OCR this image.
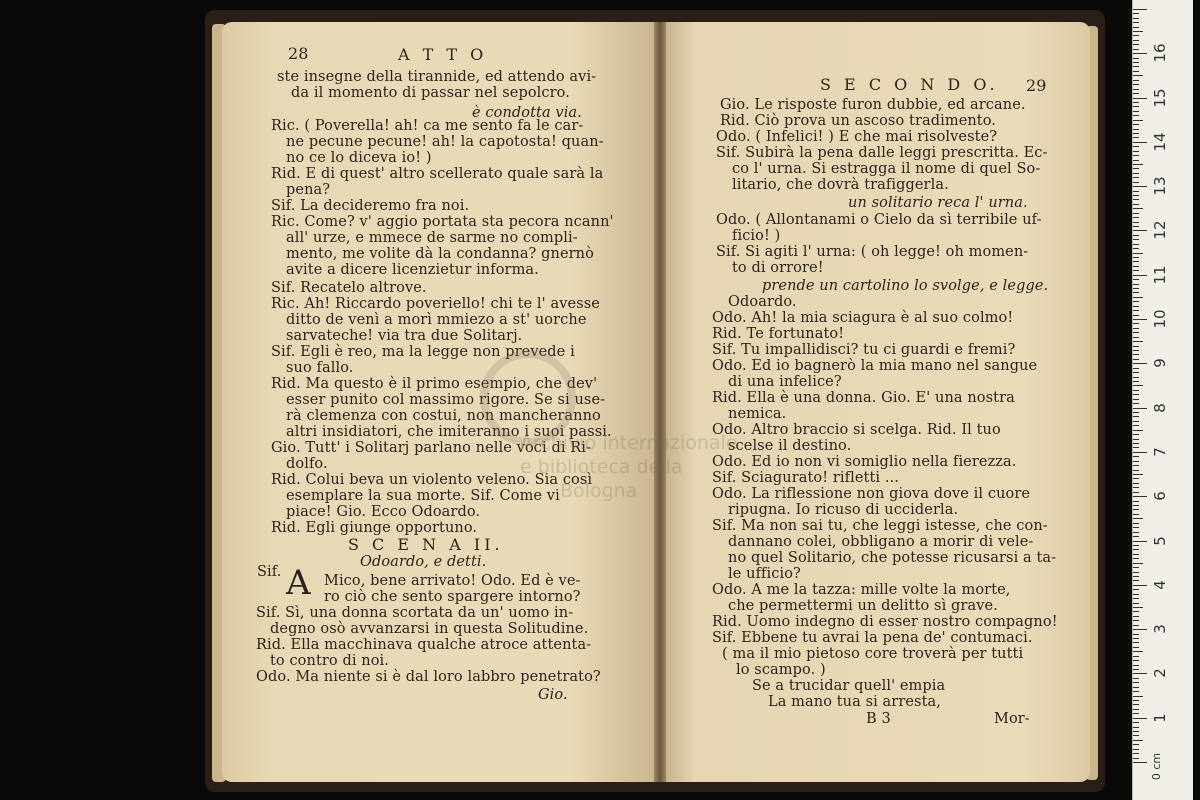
ste insegne della tirannide, ed attendo avi-
da il momento di passar nel sepolcro.
è condotta via.
Ric. ( Poverella! ah! ca me sento fa le car-
ne pecune pecune! ah! la capotosta! quan-
no ce lo diceva io! )
Rid. E di quest' altro scellerato quale sarà la
pena?
Sif. La decideremo fra noi.
Ric. Come? v' aggio portata sta pecora ncann'
all' urze, e mmece de sarme no compli-
mento, me volite dà la condanna? gnernò
avite a dicere licenzietur informa.
Sif. Recatelo altrove.
Ric. Ah! Riccardo poveriello! chi te l' avesse
ditto de venì a morì mmiezo a st' uorche
sarvateche! via tra due Solitarj.
Sif. Egli è reo, ma la legge non prevede i
suo fallo.
Rid. Ma questo è il primo esempio, che dev'
esser punito col massimo rigore. Se si use-
rà clemenza con costui, non mancheranno
altri insidiatori, che imiteranno i suoi passi.
Gio. Tutt' i Solitarj parlano nelle voci di Ri-
dolfo.
Rid. Colui beva un violento veleno. Sia così
esemplare la sua morte. Sif. Come vi
piace! Gio. Ecco Odoardo.
Rid. Egli giunge opportuno.
S C E N A II.
Odoardo, e detti.
Sif. A Mico, bene arrivato! Odo. Ed è ve-
ro ciò che sento spargere intorno?
Sif. Sì, una donna scortata da un' uomo in-
degno osò avvanzarsi in questa Solitudine.
Rid. Ella macchinava qualche atroce attenta-
to contro di noi.
Odo. Ma niente si è dal loro labbro penetrato?
Gio.
Gio. Le risposte furon dubbie, ed arcane.
Rid. Ciò prova un ascoso tradimento.
Odo. ( Infelici! ) E che mai risolveste?
Sif. Subirà la pena dalle leggi prescritta. Ec-
co l' urna. Si estragga il nome di quel So-
litario, che dovrà trafiggerla.
un solitario reca l' urna.
Odo. ( Allontanami o Cielo da sì terribile uf-
ficio! )
Sif. Si agiti l' urna: ( oh legge! oh momen-
to di orrore!
prende un cartolino lo svolge, e legge.
Odoardo.
Odo. Ah! la mia sciagura è al suo colmo!
Rid. Te fortunato!
Sif. Tu impallidisci? tu ci guardi e fremi?
Odo. Ed io bagnerò la mia mano nel sangue
di una infelice?
Rid. Ella è una donna. Gio. E' una nostra
nemica.
Odo. Altro braccio si scelga. Rid. Il tuo
scelse il destino.
Odo. Ed io non vi somiglio nella fierezza.
Sif. Sciagurato! rifletti ...
Odo. La riflessione non giova dove il cuore
ripugna. Io ricuso di ucciderla.
Sif. Ma non sai tu, che leggi istesse, che con-
dannano colei, obbligano a morir di vele-
no quel Solitario, che potesse ricusarsi a ta-
le ufficio?
Odo. A me la tazza: mille volte la morte,
che permettermi un delitto sì grave.
Rid. Uomo indegno di esser nostro compagno!
Sif. Ebbene tu avrai la pena de' contumaci.
( ma il mio pietoso core troverà per tutti
lo scampo. )
Se a trucidar quell' empia
La mano tua si arresta,
B 3	Mor-
28	A T T O
S E C O N D O. 29
Archivio internazionale
e biblioteca della
Bologna
0 cm
1
2
3
4
5
6
7
8
9
10
11
12
13
14
15
16
